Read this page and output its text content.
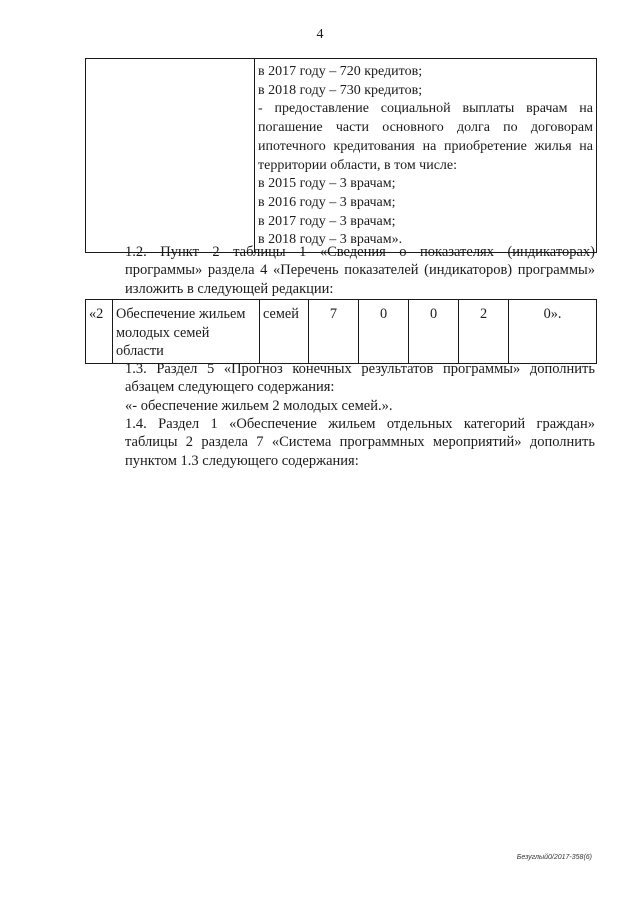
4

в 2017 году – 720 кредитов;
в 2018 году – 730 кредитов;
- предоставление социальной выплаты врачам на погашение части основного долга по договорам ипотечного кредитования на приобретение жилья на территории области, в том числе:
в 2015 году – 3 врачам;
в 2016 году – 3 врачам;
в 2017 году – 3 врачам;
в 2018 году – 3 врачам».
1.2. Пункт 2 таблицы 1 «Сведения о показателях (индикаторах) программы» раздела 4 «Перечень показателей (индикаторов) программы» изложить в следующей редакции:
«2	Обеспечение жильем молодых семей области	семей	7	0	0	2	0».
1.3. Раздел 5 «Прогноз конечных результатов программы» дополнить абзацем следующего содержания:
«- обеспечение жильем 2 молодых семей.».
1.4. Раздел 1 «Обеспечение жильем отдельных категорий граждан» таблицы 2 раздела 7 «Система программных мероприятий» дополнить пунктом 1.3 следующего содержания:
Безуглый0/2017-358(6)
